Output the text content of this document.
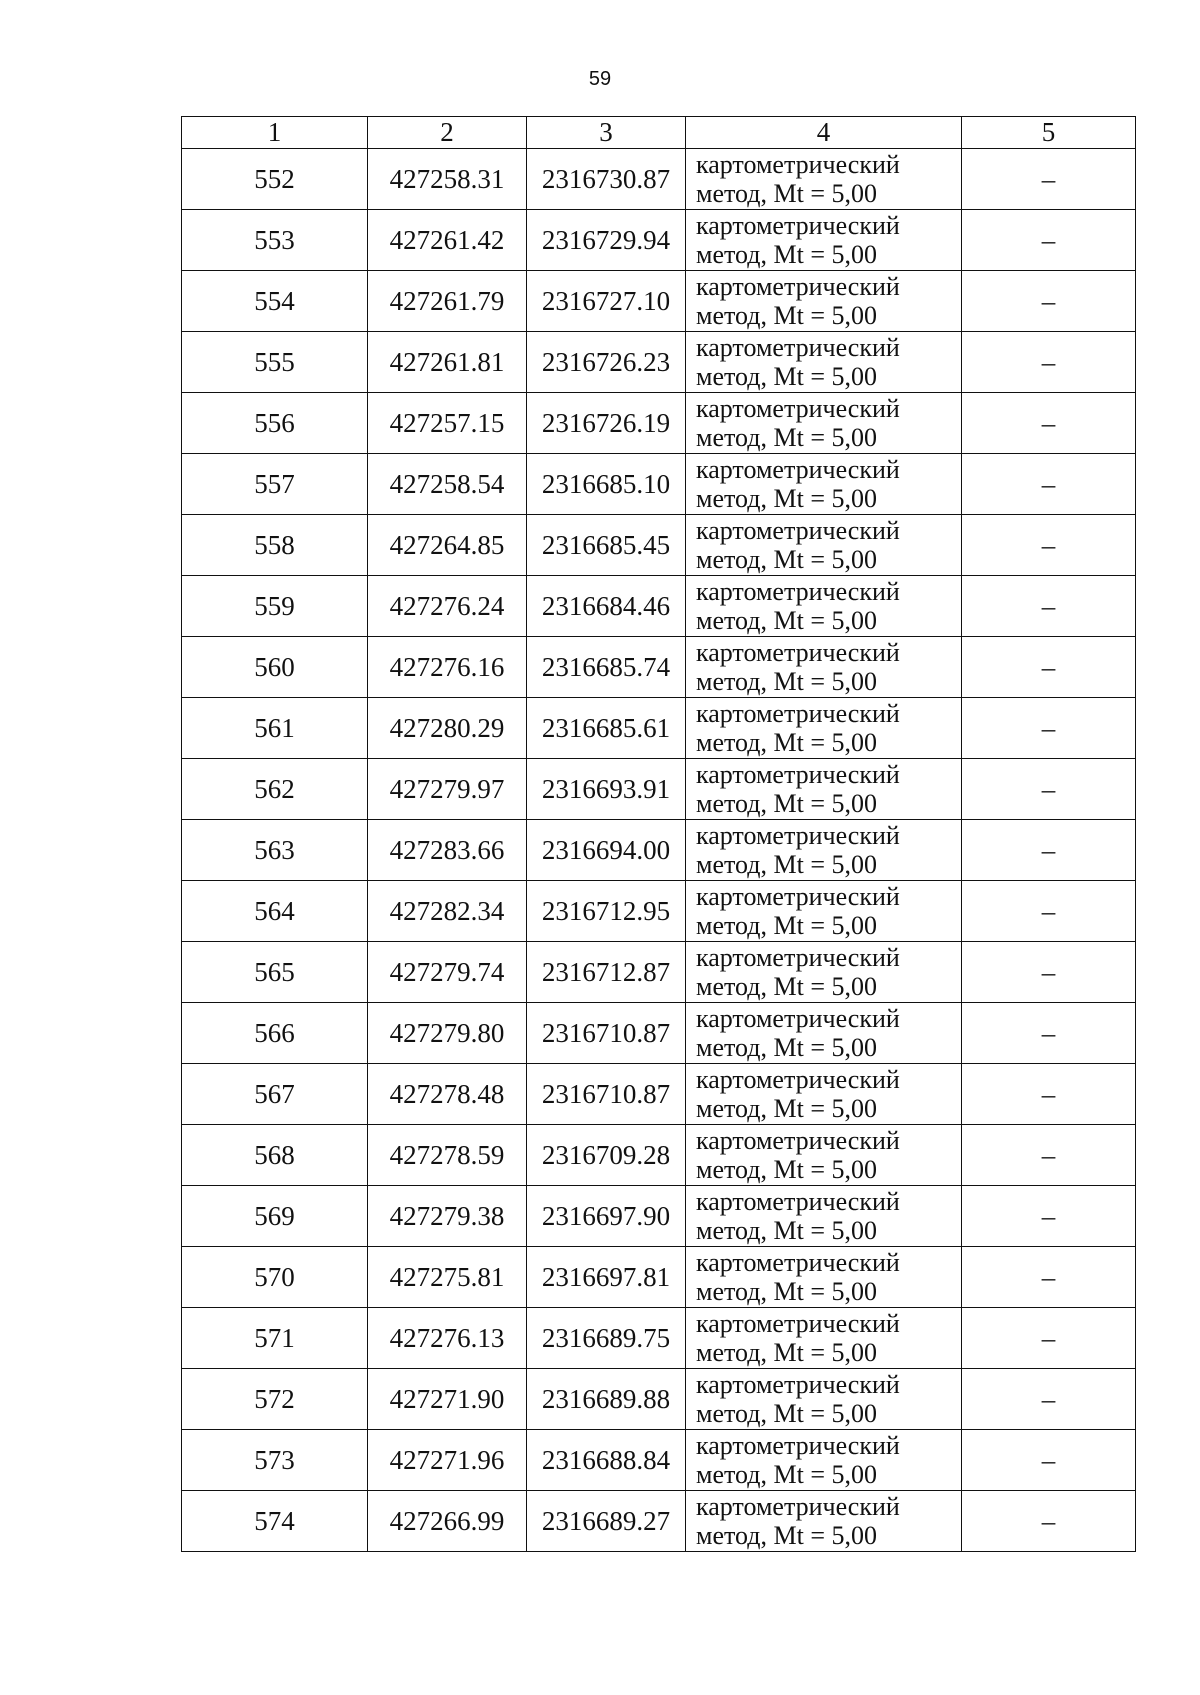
59
1	2	3	4	5
552	427258.31	2316730.87	картометрический
метод, Mt = 5,00	–
553	427261.42	2316729.94	картометрический
метод, Mt = 5,00	–
554	427261.79	2316727.10	картометрический
метод, Mt = 5,00	–
555	427261.81	2316726.23	картометрический
метод, Mt = 5,00	–
556	427257.15	2316726.19	картометрический
метод, Mt = 5,00	–
557	427258.54	2316685.10	картометрический
метод, Mt = 5,00	–
558	427264.85	2316685.45	картометрический
метод, Mt = 5,00	–
559	427276.24	2316684.46	картометрический
метод, Mt = 5,00	–
560	427276.16	2316685.74	картометрический
метод, Mt = 5,00	–
561	427280.29	2316685.61	картометрический
метод, Mt = 5,00	–
562	427279.97	2316693.91	картометрический
метод, Mt = 5,00	–
563	427283.66	2316694.00	картометрический
метод, Mt = 5,00	–
564	427282.34	2316712.95	картометрический
метод, Mt = 5,00	–
565	427279.74	2316712.87	картометрический
метод, Mt = 5,00	–
566	427279.80	2316710.87	картометрический
метод, Mt = 5,00	–
567	427278.48	2316710.87	картометрический
метод, Mt = 5,00	–
568	427278.59	2316709.28	картометрический
метод, Mt = 5,00	–
569	427279.38	2316697.90	картометрический
метод, Mt = 5,00	–
570	427275.81	2316697.81	картометрический
метод, Mt = 5,00	–
571	427276.13	2316689.75	картометрический
метод, Mt = 5,00	–
572	427271.90	2316689.88	картометрический
метод, Mt = 5,00	–
573	427271.96	2316688.84	картометрический
метод, Mt = 5,00	–
574	427266.99	2316689.27	картометрический
метод, Mt = 5,00	–
